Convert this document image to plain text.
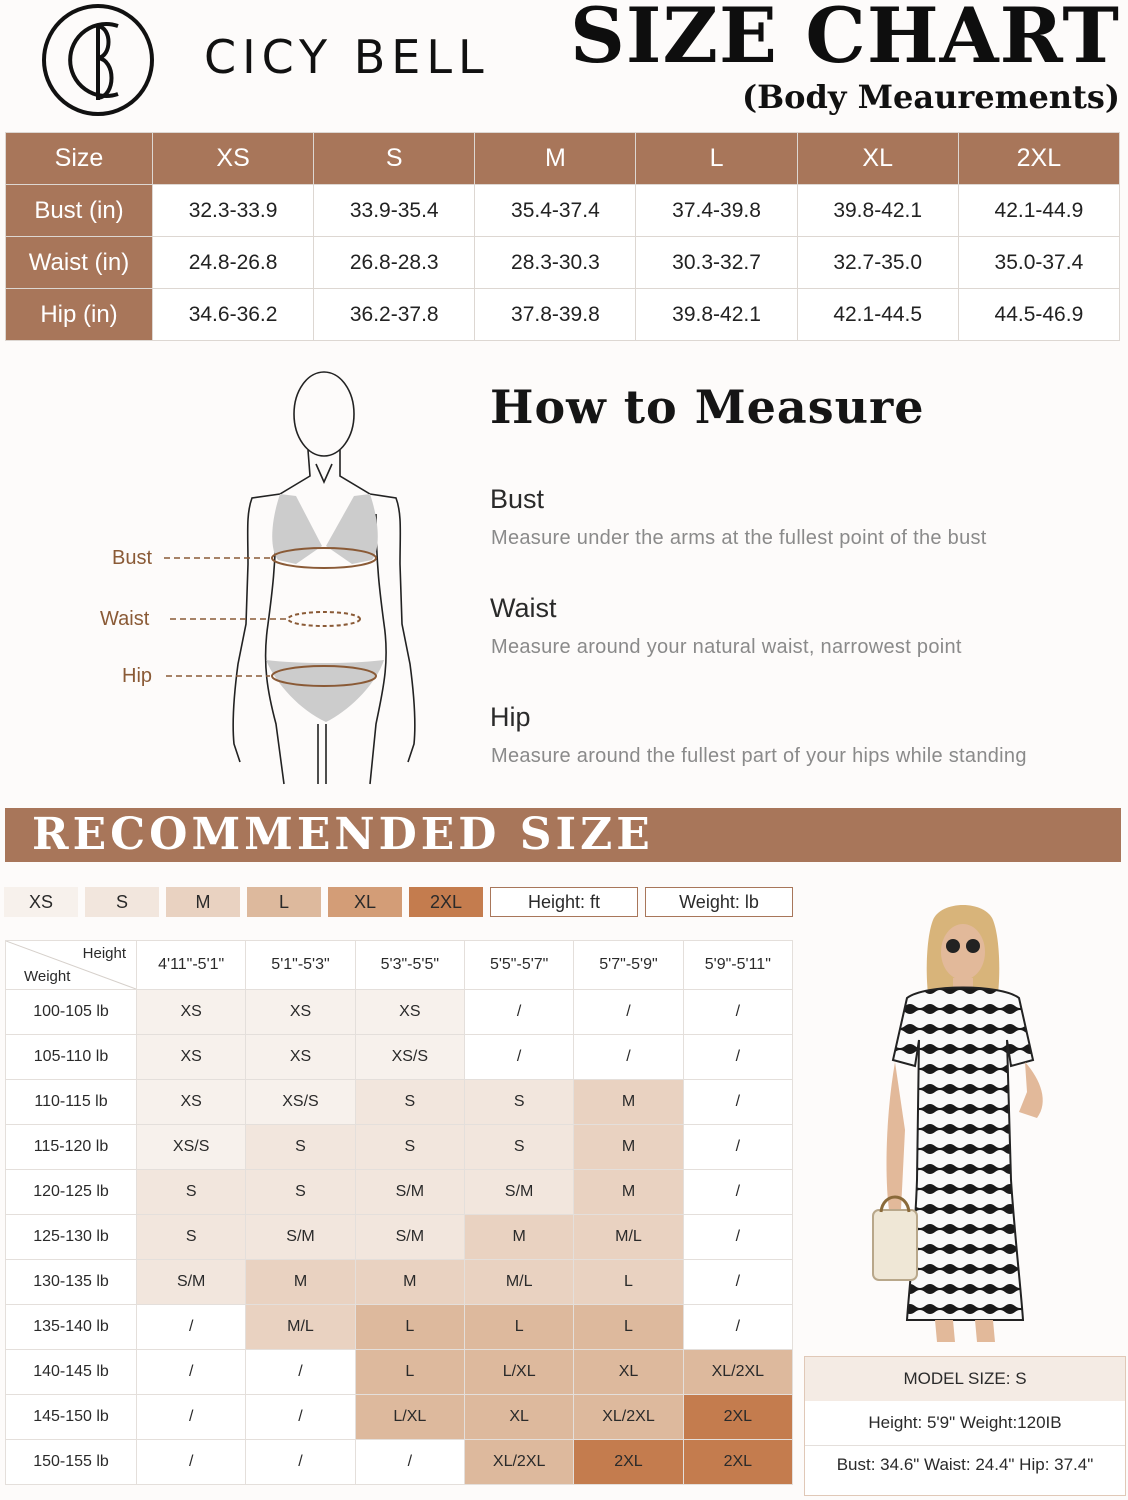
CICY BELL SIZE CHART
(Body Meaurements)
Size	XS	S	M	L	XL	2XL
Bust (in)	32.3-33.9	33.9-35.4	35.4-37.4	37.4-39.8	39.8-42.1	42.1-44.9
Waist (in)	24.8-26.8	26.8-28.3	28.3-30.3	30.3-32.7	32.7-35.0	35.0-37.4
Hip (in)	34.6-36.2	36.2-37.8	37.8-39.8	39.8-42.1	42.1-44.5	44.5-46.9
Bust
Waist
Hip
How to Measure
Bust
Measure under the arms at the fullest point of the bust
Waist
Measure around your natural waist, narrowest point
Hip
Measure around the fullest part of your hips while standing
RECOMMENDED SIZE
XS	S	M	L	XL	2XL	Height: ft	Weight: lb
Height
Weight	4'11"-5'1"	5'1"-5'3"	5'3"-5'5"	5'5"-5'7"	5'7"-5'9"	5'9"-5'11"
100-105 lb	XS	XS	XS	/	/	/
105-110 lb	XS	XS	XS/S	/	/	/
110-115 lb	XS	XS/S	S	S	M	/
115-120 lb	XS/S	S	S	S	M	/
120-125 lb	S	S	S/M	S/M	M	/
125-130 lb	S	S/M	S/M	M	M/L	/
130-135 lb	S/M	M	M	M/L	L	/
135-140 lb	/	M/L	L	L	L	/
140-145 lb	/	/	L	L/XL	XL	XL/2XL
145-150 lb	/	/	L/XL	XL	XL/2XL	2XL
150-155 lb	/	/	/	XL/2XL	2XL	2XL
MODEL SIZE: S
Height: 5'9" Weight:120IB
Bust: 34.6" Waist: 24.4" Hip: 37.4"
